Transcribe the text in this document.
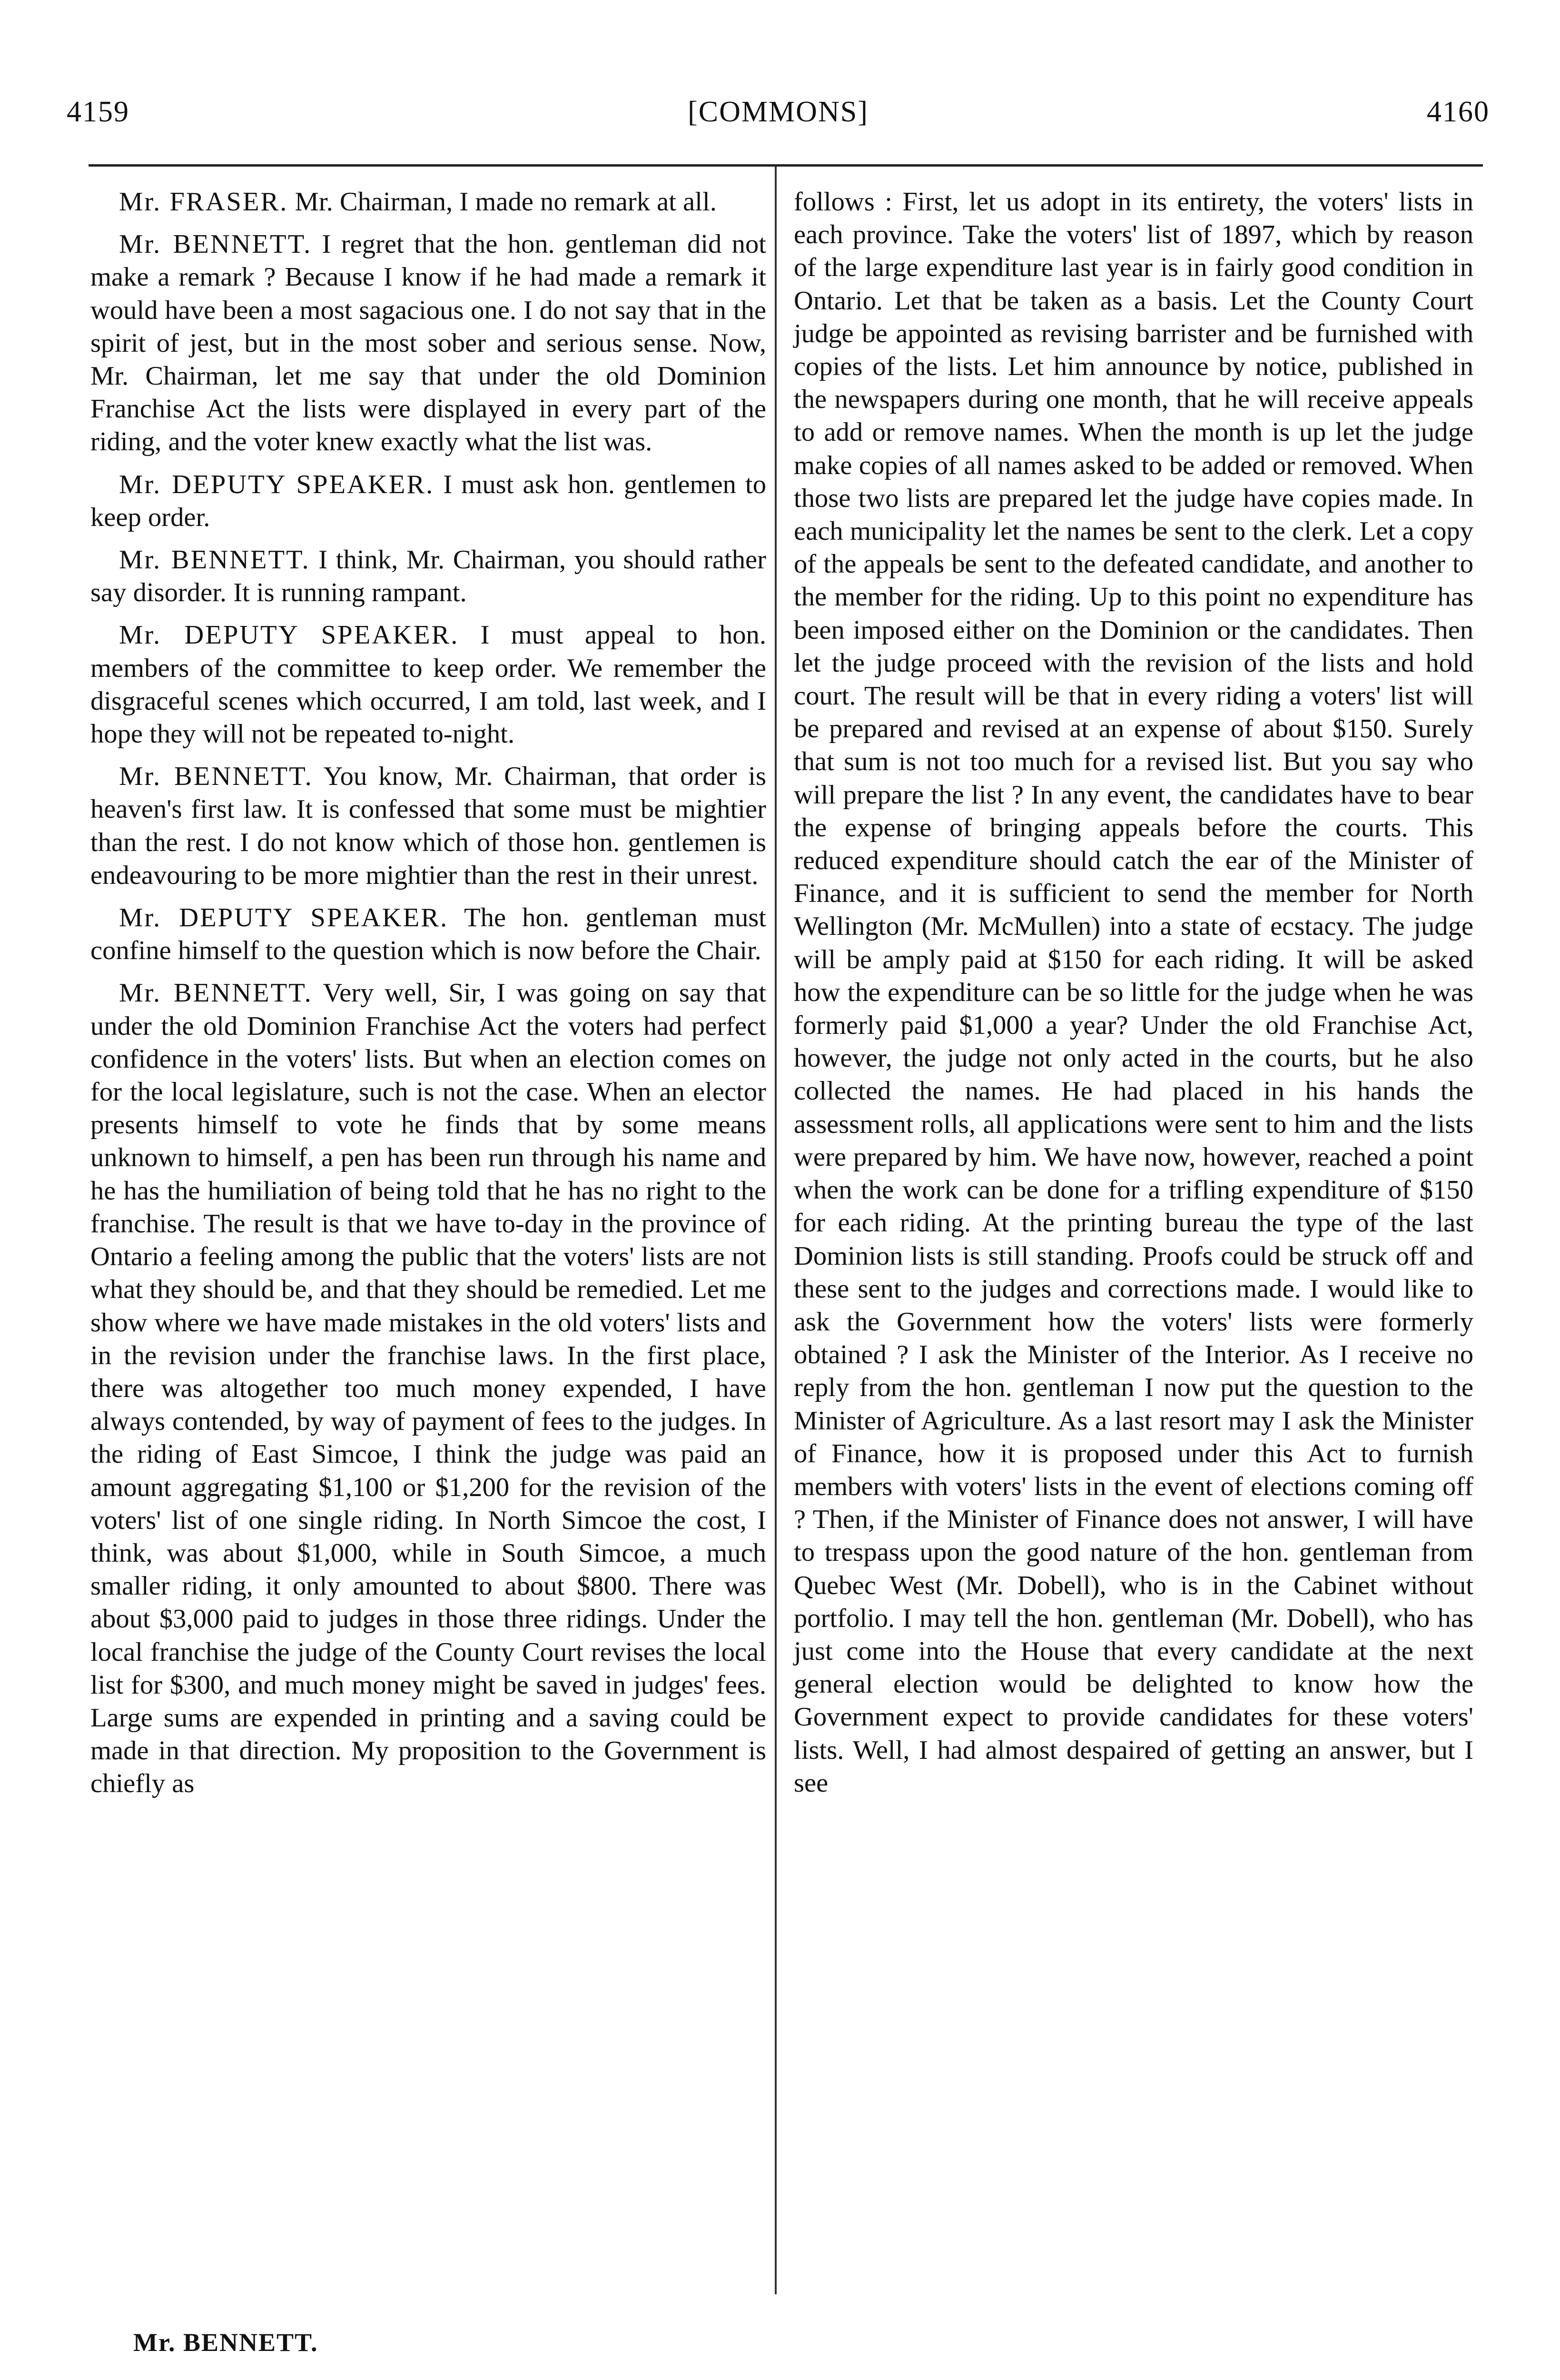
4159	[COMMONS]	4160

Mr. FRASER. Mr. Chairman, I made no remark at all.

Mr. BENNETT. I regret that the hon. gentleman did not make a remark ? Because I know if he had made a remark it would have been a most sagacious one. I do not say that in the spirit of jest, but in the most sober and serious sense. Now, Mr. Chairman, let me say that under the old Dominion Franchise Act the lists were displayed in every part of the riding, and the voter knew exactly what the list was.

Mr. DEPUTY SPEAKER. I must ask hon. gentlemen to keep order.

Mr. BENNETT. I think, Mr. Chairman, you should rather say disorder. It is running rampant.

Mr. DEPUTY SPEAKER. I must appeal to hon. members of the committee to keep order. We remember the disgraceful scenes which occurred, I am told, last week, and I hope they will not be repeated to-night.

Mr. BENNETT. You know, Mr. Chairman, that order is heaven's first law. It is confessed that some must be mightier than the rest. I do not know which of those hon. gentlemen is endeavouring to be more mightier than the rest in their unrest.

Mr. DEPUTY SPEAKER. The hon. gentleman must confine himself to the question which is now before the Chair.

Mr. BENNETT. Very well, Sir, I was going on say that under the old Dominion Franchise Act the voters had perfect confidence in the voters' lists. But when an election comes on for the local legislature, such is not the case. When an elector presents himself to vote he finds that by some means unknown to himself, a pen has been run through his name and he has the humiliation of being told that he has no right to the franchise. The result is that we have to-day in the province of Ontario a feeling among the public that the voters' lists are not what they should be, and that they should be remedied. Let me show where we have made mistakes in the old voters' lists and in the revision under the franchise laws. In the first place, there was altogether too much money expended, I have always contended, by way of payment of fees to the judges. In the riding of East Simcoe, I think the judge was paid an amount aggregating $1,100 or $1,200 for the revision of the voters' list of one single riding. In North Simcoe the cost, I think, was about $1,000, while in South Simcoe, a much smaller riding, it only amounted to about $800. There was about $3,000 paid to judges in those three ridings. Under the local franchise the judge of the County Court revises the local list for $300, and much money might be saved in judges' fees. Large sums are expended in printing and a saving could be made in that direction. My proposition to the Government is chiefly as

follows : First, let us adopt in its entirety, the voters' lists in each province. Take the voters' list of 1897, which by reason of the large expenditure last year is in fairly good condition in Ontario. Let that be taken as a basis. Let the County Court judge be appointed as revising barrister and be furnished with copies of the lists. Let him announce by notice, published in the newspapers during one month, that he will receive appeals to add or remove names. When the month is up let the judge make copies of all names asked to be added or removed. When those two lists are prepared let the judge have copies made. In each municipality let the names be sent to the clerk. Let a copy of the appeals be sent to the defeated candidate, and another to the member for the riding. Up to this point no expenditure has been imposed either on the Dominion or the candidates. Then let the judge proceed with the revision of the lists and hold court. The result will be that in every riding a voters' list will be prepared and revised at an expense of about $150. Surely that sum is not too much for a revised list. But you say who will prepare the list ? In any event, the candidates have to bear the expense of bringing appeals before the courts. This reduced expenditure should catch the ear of the Minister of Finance, and it is sufficient to send the member for North Wellington (Mr. McMullen) into a state of ecstacy. The judge will be amply paid at $150 for each riding. It will be asked how the expenditure can be so little for the judge when he was formerly paid $1,000 a year? Under the old Franchise Act, however, the judge not only acted in the courts, but he also collected the names. He had placed in his hands the assessment rolls, all applications were sent to him and the lists were prepared by him. We have now, however, reached a point when the work can be done for a trifling expenditure of $150 for each riding. At the printing bureau the type of the last Dominion lists is still standing. Proofs could be struck off and these sent to the judges and corrections made. I would like to ask the Government how the voters' lists were formerly obtained ? I ask the Minister of the Interior. As I receive no reply from the hon. gentleman I now put the question to the Minister of Agriculture. As a last resort may I ask the Minister of Finance, how it is proposed under this Act to furnish members with voters' lists in the event of elections coming off ? Then, if the Minister of Finance does not answer, I will have to trespass upon the good nature of the hon. gentleman from Quebec West (Mr. Dobell), who is in the Cabinet without portfolio. I may tell the hon. gentleman (Mr. Dobell), who has just come into the House that every candidate at the next general election would be delighted to know how the Government expect to provide candidates for these voters' lists. Well, I had almost despaired of getting an answer, but I see

Mr. BENNETT.
